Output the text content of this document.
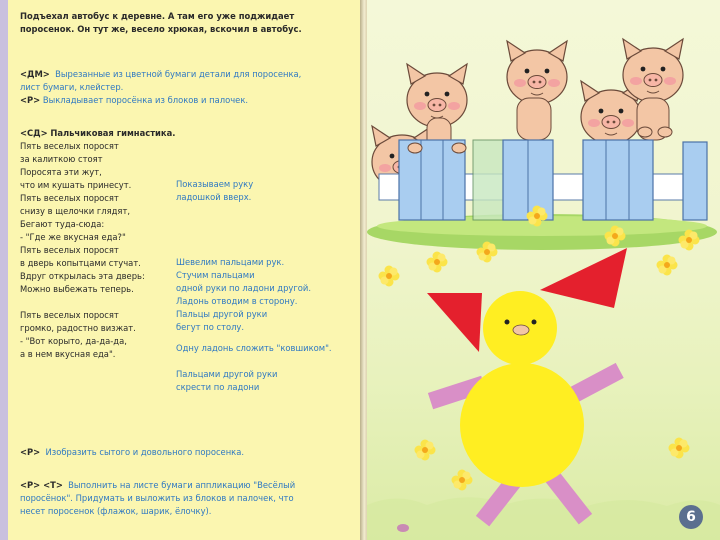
Подъехал автобус к деревне. А там его уже поджидает
поросенок. Он тут же, весело хрюкая, вскочил в автобус.
<ДМ> Вырезанные из цветной бумаги детали для поросенка,
лист бумаги, клейстер.
<Р> Выкладывает поросёнка из блоков и палочек.
<СД> Пальчиковая гимнастика.
Пять веселых поросят
за калиткою стоят
Поросята эти жут,
что им кушать принесут.
Пять веселых поросят
снизу в щелочки глядят,
Бегают туда-сюда:
- "Где же вкусная еда?"
Пять веселых поросят
в дверь копытцами стучат.
Вдруг открылась эта дверь:
Можно выбежать теперь.
Пять веселых поросят
громко, радостно визжат.
- "Вот корыто, да-да-да,
а в нем вкусная еда".
Показываем руку
ладошкой вверх.
Шевелим пальцами рук.
Стучим пальцами
одной руки по ладони другой.
Ладонь отводим в сторону.
Пальцы другой руки
бегут по столу.
Одну ладонь сложить "ковшиком".
Пальцами другой руки
скрести по ладони
<Р> Изобразить сытого и довольного поросенка.
<Р> <Т> Выполнить на листе бумаги аппликацию "Весёлый
поросёнок". Придумать и выложить из блоков и палочек, что
несет поросенок (флажок, шарик, ёлочку).	6
